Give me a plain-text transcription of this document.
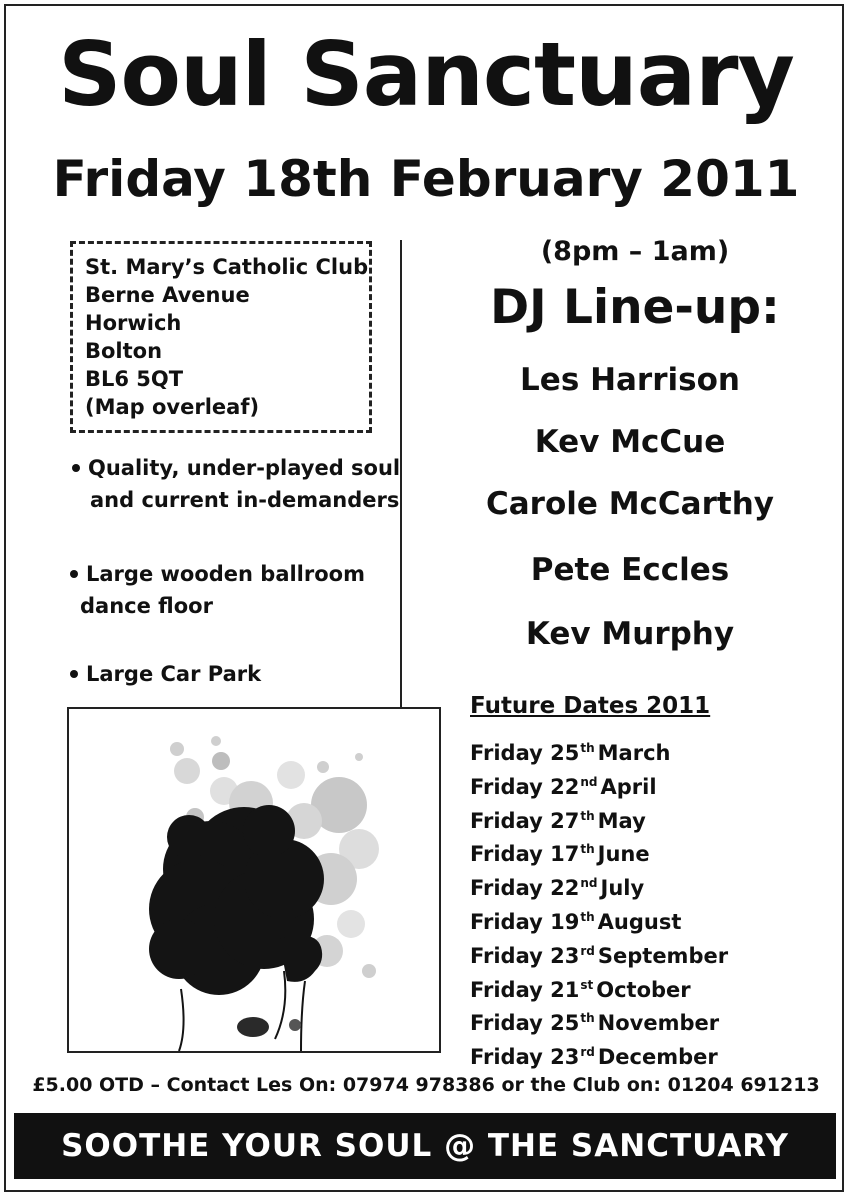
Soul Sanctuary
Friday 18th February 2011
St. Mary’s Catholic Club
Berne Avenue
Horwich
Bolton
BL6 5QT
(Map overleaf)
Quality, under-played soul
and current in-demanders
Large wooden ballroom
dance floor
Large Car Park
(8pm – 1am)
DJ Line-up:
Les Harrison
Kev McCue
Carole McCarthy
Pete Eccles
Kev Murphy
Future Dates 2011
Friday 25th March
Friday 22nd April
Friday 27th May
Friday 17th June
Friday 22nd July
Friday 19th August
Friday 23rd September
Friday 21st October
Friday 25th November
Friday 23rd December
£5.00 OTD – Contact Les On: 07974 978386 or the Club on: 01204 691213
SOOTHE YOUR SOUL @ THE SANCTUARY
